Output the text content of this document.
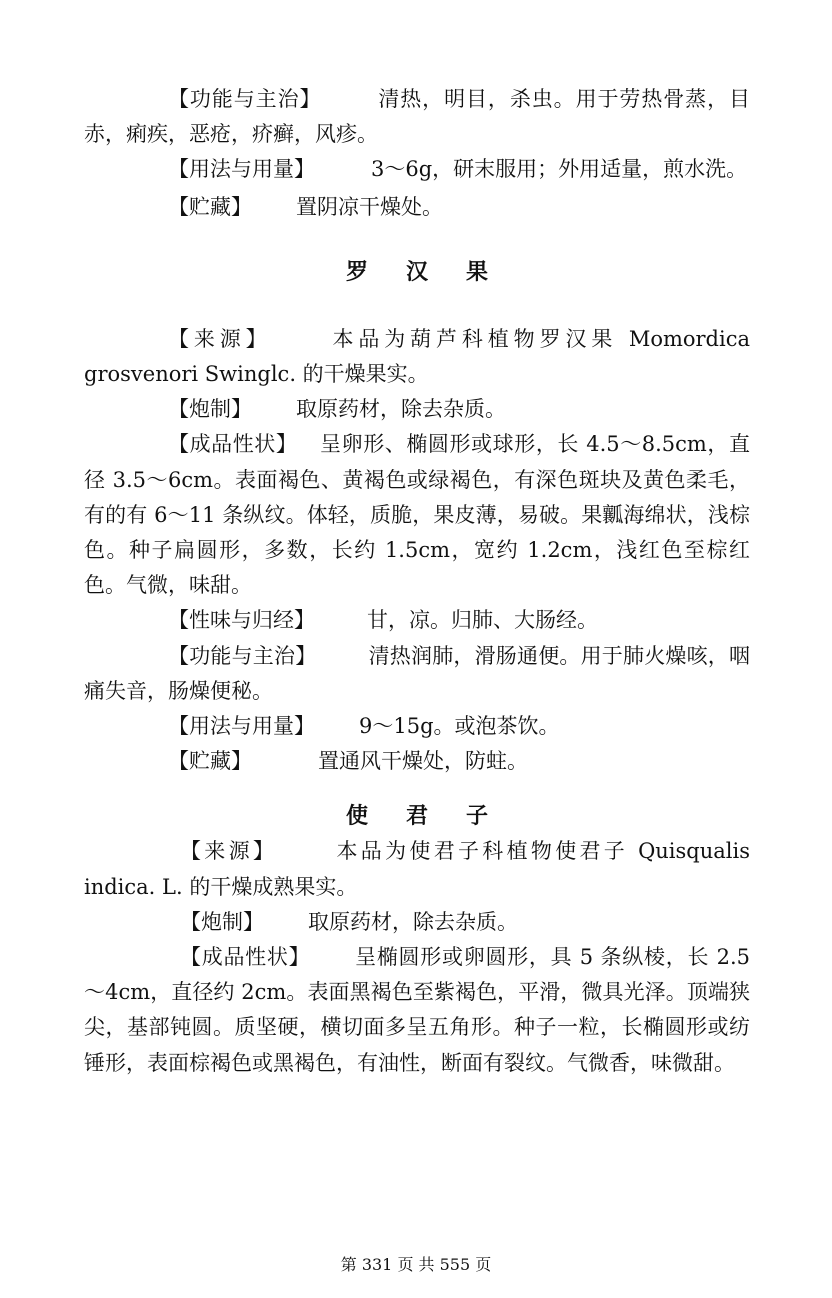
【功能与主治】	清热，明目，杀虫。用于劳热骨蒸，目赤，痢疾，恶疮，疥癣，风疹。

【用法与用量】	3～6g，研末服用；外用适量，煎水洗。

【贮藏】 置阴凉干燥处。

罗 汉 果

【来源】	本品为葫芦科植物罗汉果 Momordica grosvenori Swinglc. 的干燥果实。

【炮制】 取原药材，除去杂质。

【成品性状】 呈卵形、椭圆形或球形，长 4.5～8.5cm，直径 3.5～6cm。表面褐色、黄褐色或绿褐色，有深色斑块及黄色柔毛，有的有 6～11 条纵纹。体轻，质脆，果皮薄，易破。果瓤海绵状，浅棕色。种子扁圆形，多数，长约 1.5cm，宽约 1.2cm，浅红色至棕红色。气微，味甜。

【性味与归经】 甘，凉。归肺、大肠经。

【功能与主治】 清热润肺，滑肠通便。用于肺火燥咳，咽痛失音，肠燥便秘。

【用法与用量】 9～15g。或泡茶饮。

【贮藏】	置通风干燥处，防蛀。

使 君 子

【来源】	本品为使君子科植物使君子 Quisqualis indica. L. 的干燥成熟果实。

【炮制】 取原药材，除去杂质。

【成品性状】 呈椭圆形或卵圆形，具 5 条纵棱，长 2.5～4cm，直径约 2cm。表面黑褐色至紫褐色，平滑，微具光泽。顶端狭尖，基部钝圆。质坚硬，横切面多呈五角形。种子一粒，长椭圆形或纺锤形，表面棕褐色或黑褐色，有油性，断面有裂纹。气微香，味微甜。

第 331 页 共 555 页
